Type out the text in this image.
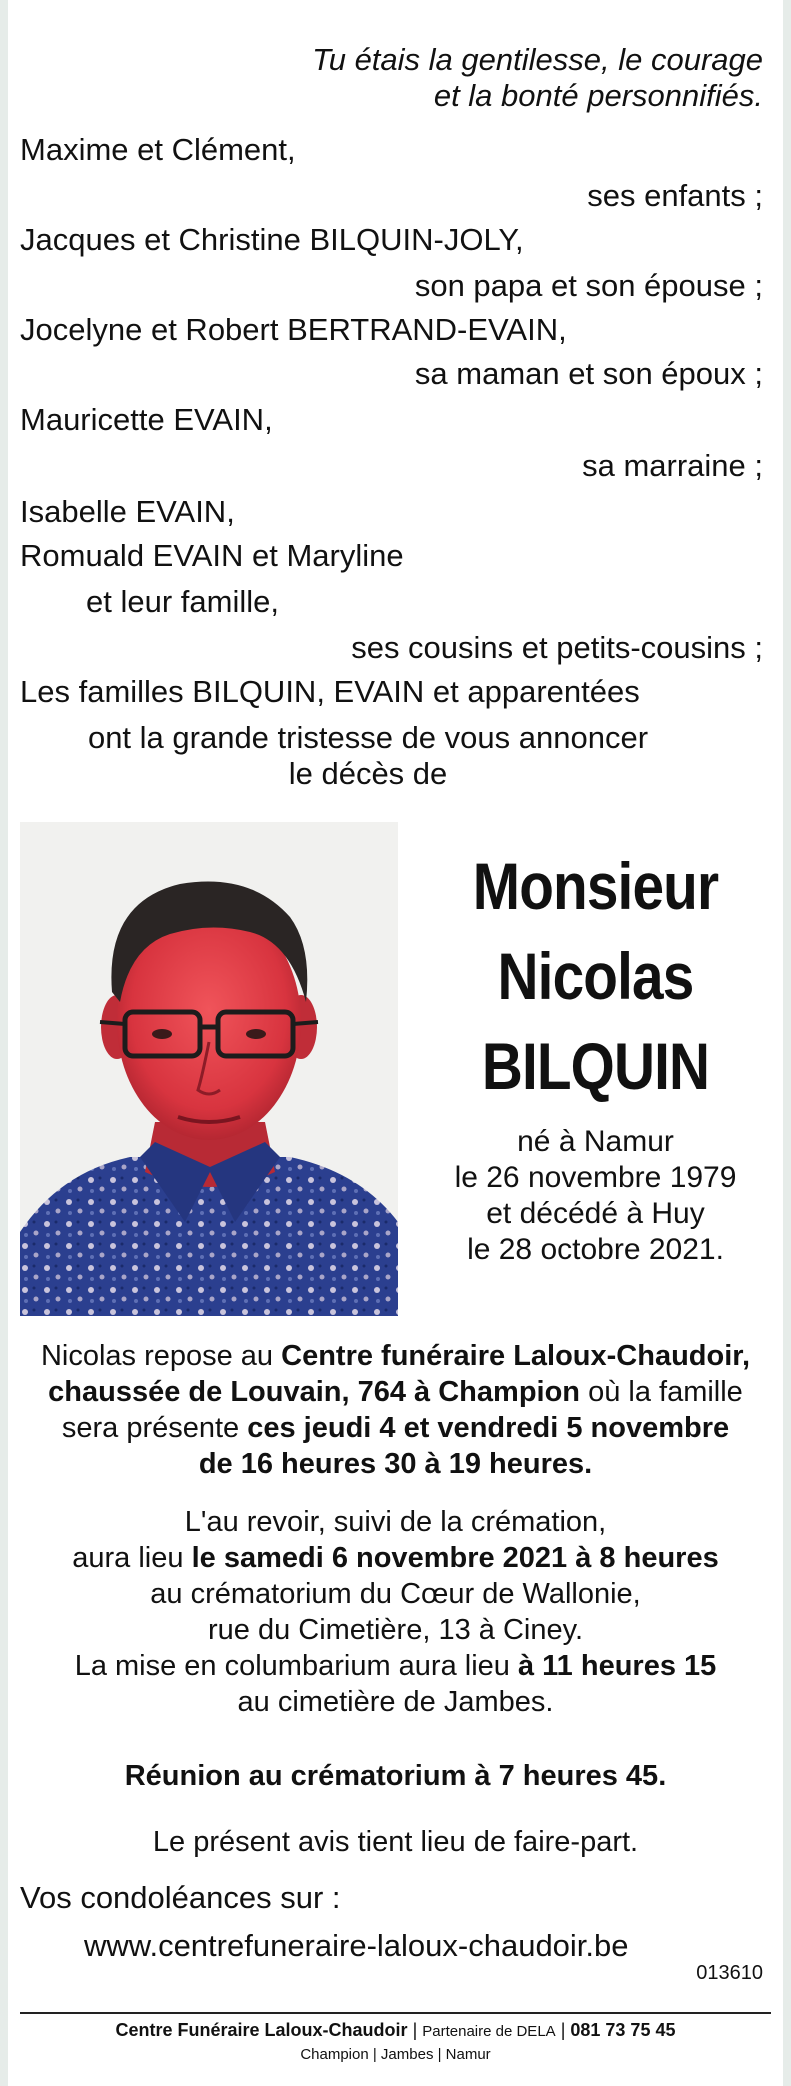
Tu étais la gentilesse, le courage
et la bonté personnifiés.
Maxime et Clément,
ses enfants ;
Jacques et Christine BILQUIN-JOLY,
son papa et son épouse ;
Jocelyne et Robert BERTRAND-EVAIN,
sa maman et son époux ;
Mauricette EVAIN,
sa marraine ;
Isabelle EVAIN,
Romuald EVAIN et Maryline
et leur famille,
ses cousins et petits-cousins ;
Les familles BILQUIN, EVAIN et apparentées
ont la grande tristesse de vous annoncer
le décès de
Monsieur
Nicolas
BILQUIN
né à Namur
le 26 novembre 1979
et décédé à Huy
le 28 octobre 2021.
Nicolas repose au Centre funéraire Laloux-Chaudoir,
chaussée de Louvain, 764 à Champion où la famille
sera présente ces jeudi 4 et vendredi 5 novembre
de 16 heures 30 à 19 heures.
L'au revoir, suivi de la crémation,
aura lieu le samedi 6 novembre 2021 à 8 heures
au crématorium du Cœur de Wallonie,
rue du Cimetière, 13 à Ciney.
La mise en columbarium aura lieu à 11 heures 15
au cimetière de Jambes.
Réunion au crématorium à 7 heures 45.
Le présent avis tient lieu de faire-part.
Vos condoléances sur :
www.centrefuneraire-laloux-chaudoir.be
013610
Centre Funéraire Laloux-Chaudoir | Partenaire de DELA | 081 73 75 45
Champion | Jambes | Namur
